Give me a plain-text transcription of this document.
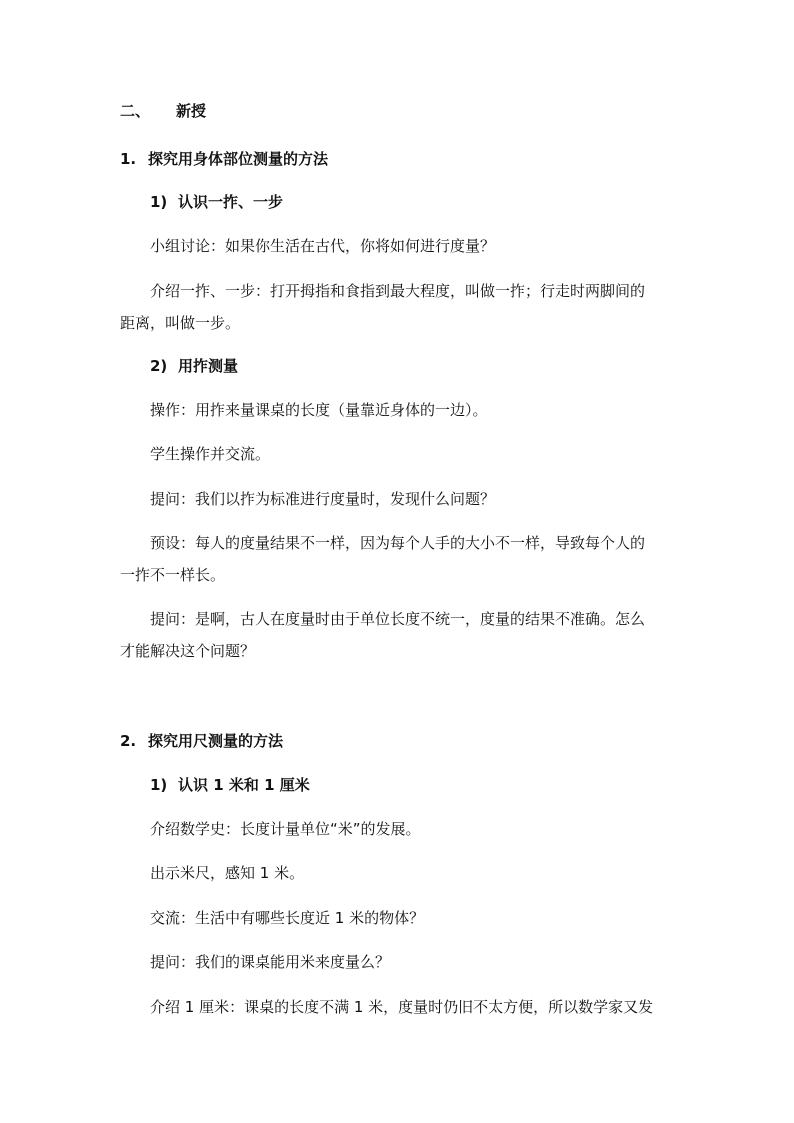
二、 新授
1. 探究用身体部位测量的方法
1) 认识一拃、一步
小组讨论：如果你生活在古代，你将如何进行度量？
介绍一拃、一步：打开拇指和食指到最大程度，叫做一拃；行走时两脚间的
距离，叫做一步。
2) 用拃测量
操作：用拃来量课桌的长度（量靠近身体的一边）。
学生操作并交流。
提问：我们以拃为标准进行度量时，发现什么问题？
预设：每人的度量结果不一样，因为每个人手的大小不一样，导致每个人的
一拃不一样长。
提问：是啊，古人在度量时由于单位长度不统一，度量的结果不准确。怎么
才能解决这个问题？
2. 探究用尺测量的方法
1) 认识 1 米和 1 厘米
介绍数学史：长度计量单位“米”的发展。
出示米尺，感知 1 米。
交流：生活中有哪些长度近 1 米的物体？
提问：我们的课桌能用米来度量么？
介绍 1 厘米：课桌的长度不满 1 米，度量时仍旧不太方便，所以数学家又发
